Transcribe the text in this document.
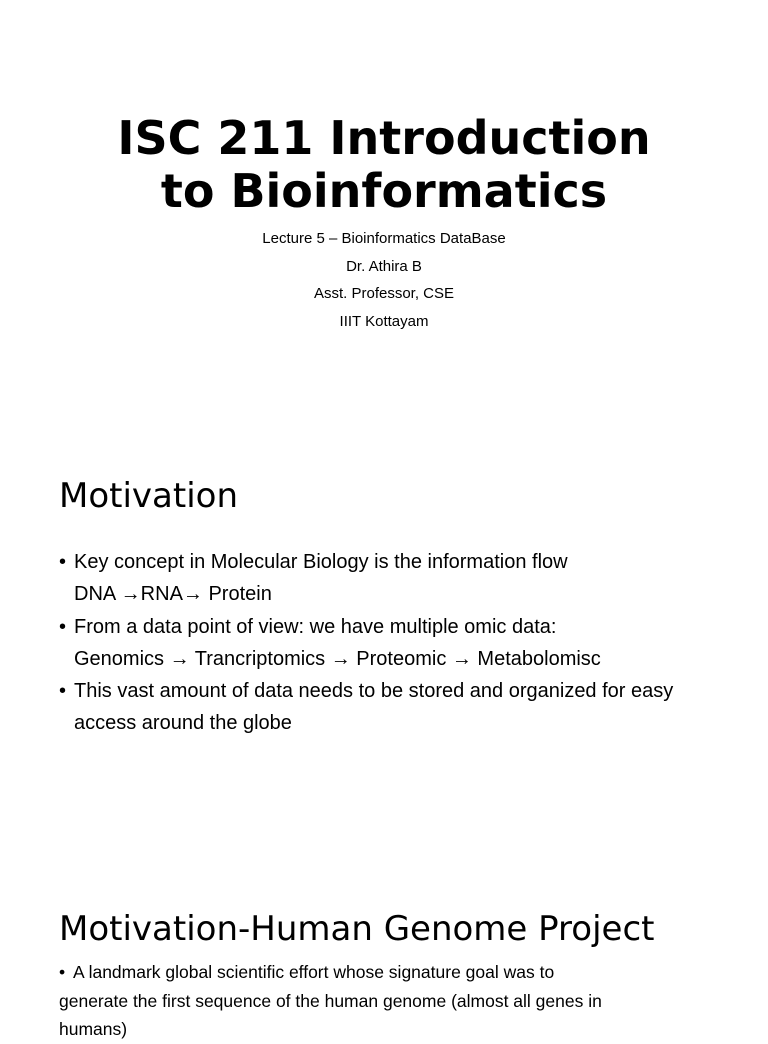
ISC 211 Introduction
to Bioinformatics
Lecture 5 – Bioinformatics DataBase
Dr. Athira B
Asst. Professor, CSE
IIIT Kottayam
Motivation
• Key concept in Molecular Biology is the information flow
DNA →RNA→ Protein
• From a data point of view: we have multiple omic data:
Genomics → Trancriptomics → Proteomic → Metabolomisc
• This vast amount of data needs to be stored and organized for easy
access around the globe
Motivation-Human Genome Project
• A landmark global scientific effort whose signature goal was to
generate the first sequence of the human genome (almost all genes in
humans)
